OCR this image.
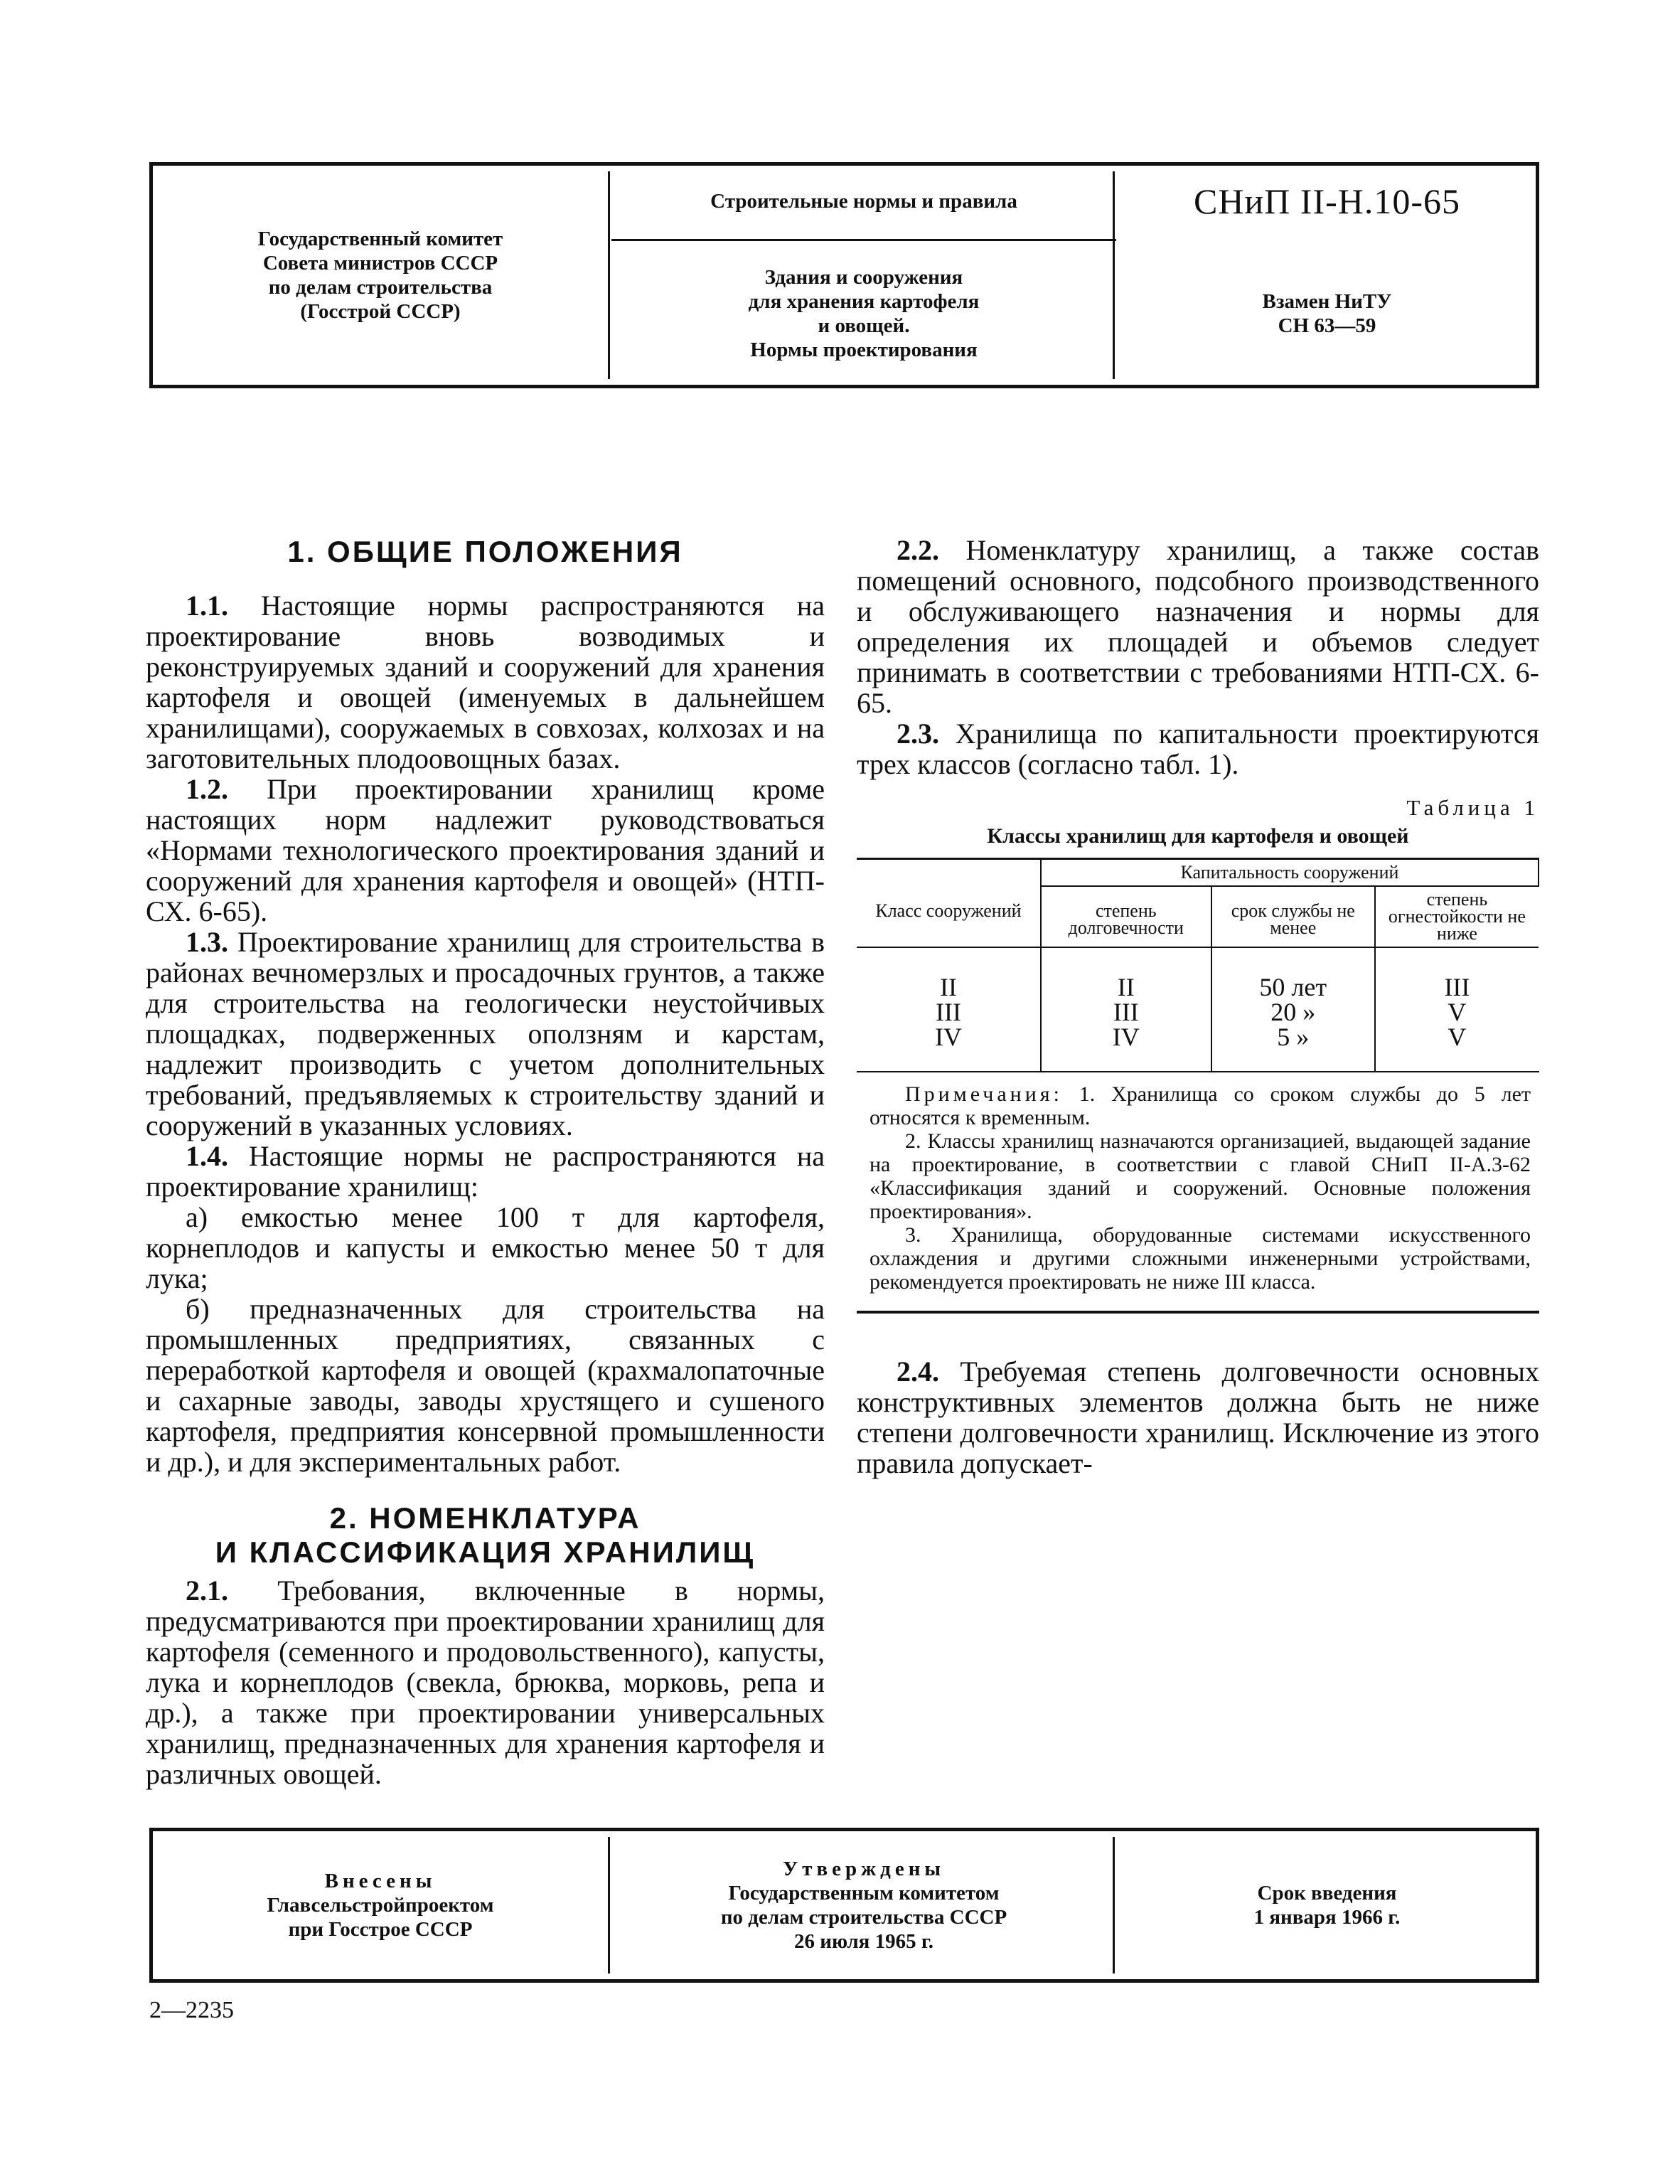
Государственный комитет
Совета министров СССР
по делам строительства
(Госстрой СССР)
Строительные нормы и правила
Здания и сооружения
для хранения картофеля
и овощей.
Нормы проектирования
СНиП II-Н.10-65
Взамен НиТУ
СН 63—59
1. ОБЩИЕ ПОЛОЖЕНИЯ

1.1. Настоящие нормы распространяются на проектирование вновь возводимых и реконструируемых зданий и сооружений для хранения картофеля и овощей (именуемых в дальнейшем хранилищами), сооружаемых в совхозах, колхозах и на заготовительных плодоовощных базах.

1.2. При проектировании хранилищ кроме настоящих норм надлежит руководствоваться «Нормами технологического проектирования зданий и сооружений для хранения картофеля и овощей» (НТП-СХ. 6-65).

1.3. Проектирование хранилищ для строительства в районах вечномерзлых и просадочных грунтов, а также для строительства на геологически неустойчивых площадках, подверженных оползням и карстам, надлежит производить с учетом дополнительных требований, предъявляемых к строительству зданий и сооружений в указанных условиях.

1.4. Настоящие нормы не распространяются на проектирование хранилищ:

а) емкостью менее 100 т для картофеля, корнеплодов и капусты и емкостью менее 50 т для лука;

б) предназначенных для строительства на промышленных предприятиях, связанных с переработкой картофеля и овощей (крахмалопаточные и сахарные заводы, заводы хрустящего и сушеного картофеля, предприятия консервной промышленности и др.), и для экспериментальных работ.

2. НОМЕНКЛАТУРА
И КЛАССИФИКАЦИЯ ХРАНИЛИЩ

2.1. Требования, включенные в нормы, предусматриваются при проектировании хранилищ для картофеля (семенного и продовольственного), капусты, лука и корнеплодов (свекла, брюква, морковь, репа и др.), а также при проектировании универсальных хранилищ, предназначенных для хранения картофеля и различных овощей.

2.2. Номенклатуру хранилищ, а также состав помещений основного, подсобного производственного и обслуживающего назначения и нормы для определения их площадей и объемов следует принимать в соответствии с требованиями НТП-СХ. 6-65.

2.3. Хранилища по капитальности проектируются трех классов (согласно табл. 1).

Таблица 1
Классы хранилищ для картофеля и овощей
Класс сооружений	Капитальность сооружений		
	степень долговечности	срок службы не менее	степень огнестойкости не ниже
II	II	50 лет	III
III	III	20 »	V
IV	IV	5 »	V

Примечания: 1. Хранилища со сроком службы до 5 лет относятся к временным.

2. Классы хранилищ назначаются организацией, выдающей задание на проектирование, в соответствии с главой СНиП II-А.3-62 «Классификация зданий и сооружений. Основные положения проектирования».

3. Хранилища, оборудованные системами искусственного охлаждения и другими сложными инженерными устройствами, рекомендуется проектировать не ниже III класса.

2.4. Требуемая степень долговечности основных конструктивных элементов должна быть не ниже степени долговечности хранилищ. Исключение из этого правила допускает-

Внесены
Главсельстройпроектом
при Госстрое СССР
Утверждены
Государственным комитетом
по делам строительства СССР
26 июля 1965 г.
Срок введения
1 января 1966 г.
2—2235
